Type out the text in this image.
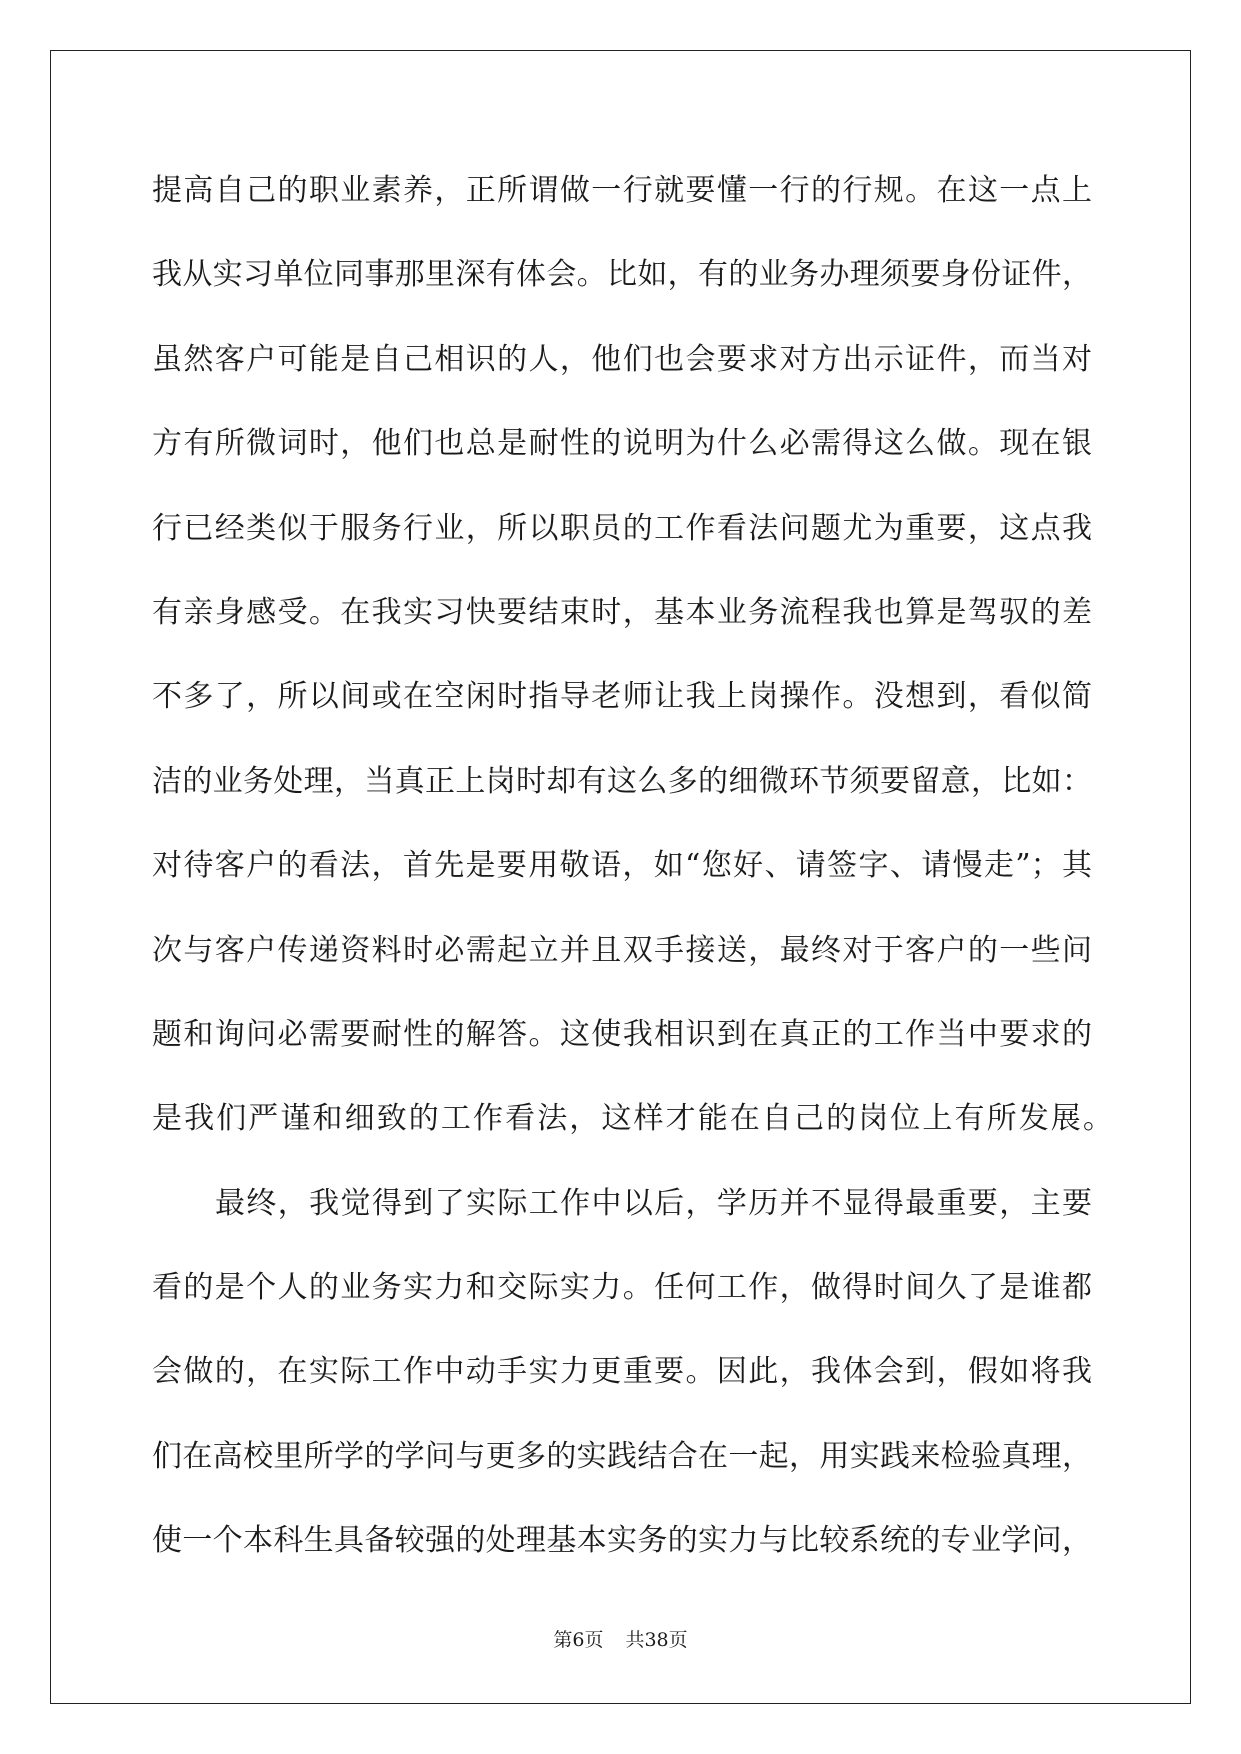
提高自己的职业素养，正所谓做一行就要懂一行的行规。在这一点上
我从实习单位同事那里深有体会。比如，有的业务办理须要身份证件，
虽然客户可能是自己相识的人，他们也会要求对方出示证件，而当对
方有所微词时，他们也总是耐性的说明为什么必需得这么做。现在银
行已经类似于服务行业，所以职员的工作看法问题尤为重要，这点我
有亲身感受。在我实习快要结束时，基本业务流程我也算是驾驭的差
不多了，所以间或在空闲时指导老师让我上岗操作。没想到，看似简
洁的业务处理，当真正上岗时却有这么多的细微环节须要留意，比如：
对待客户的看法，首先是要用敬语，如“您好、请签字、请慢走”；其
次与客户传递资料时必需起立并且双手接送，最终对于客户的一些问
题和询问必需要耐性的解答。这使我相识到在真正的工作当中要求的
是我们严谨和细致的工作看法，这样才能在自己的岗位上有所发展。
最终，我觉得到了实际工作中以后，学历并不显得最重要，主要
看的是个人的业务实力和交际实力。任何工作，做得时间久了是谁都
会做的，在实际工作中动手实力更重要。因此，我体会到，假如将我
们在高校里所学的学问与更多的实践结合在一起，用实践来检验真理，
使一个本科生具备较强的处理基本实务的实力与比较系统的专业学问，
第6页 共38页
